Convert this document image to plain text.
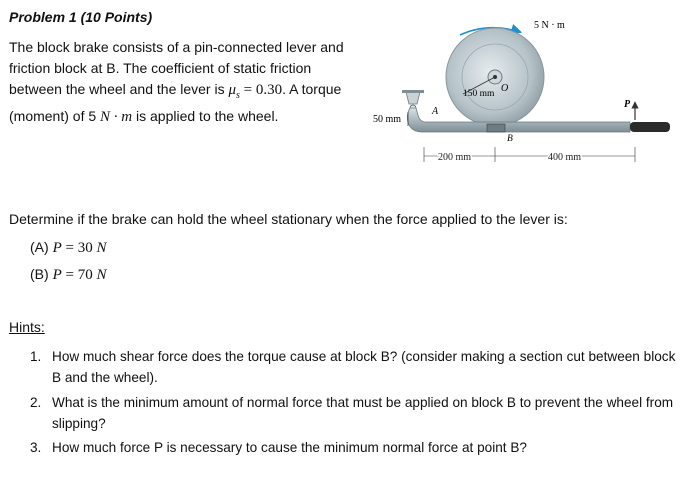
Problem 1 (10 Points)
The block brake consists of a pin-connected lever and
friction block at B. The coefficient of static friction
between the wheel and the lever is $\mu_s = 0.30$. A torque
(moment) of 5 N · m is applied to the wheel.
5 N · m
150 mm O
A
B
P
50 mm
200 mm	400 mm
Determine if the brake can hold the wheel stationary when the force applied to the lever is:
(A) P = 30 N
(B) P = 70 N
Hints:
1. How much shear force does the torque cause at block B? (consider making a section cut between block B and the wheel).
2. What is the minimum amount of normal force that must be applied on block B to prevent the wheel from slipping?
3. How much force P is necessary to cause the minimum normal force at point B?
